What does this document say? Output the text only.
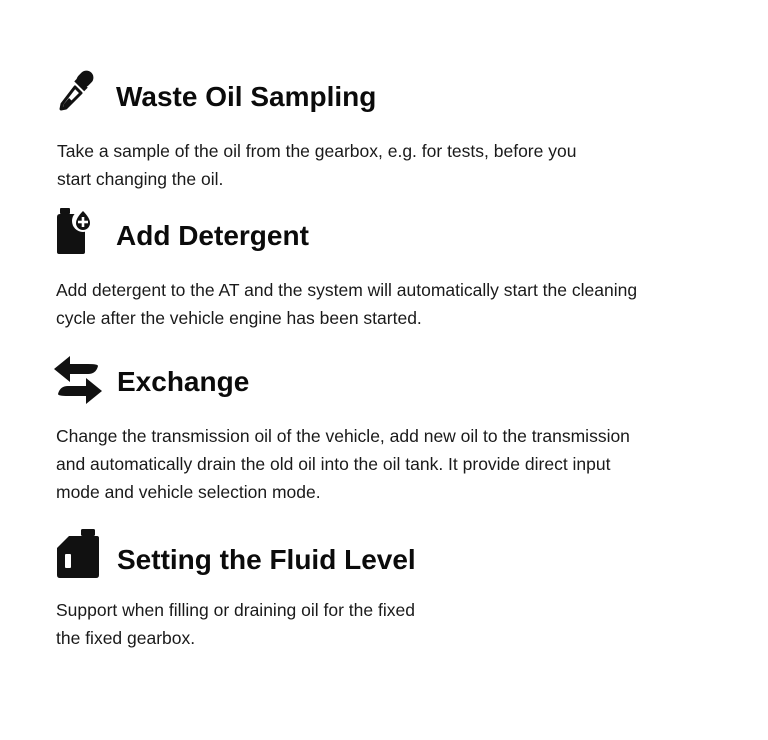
Waste Oil Sampling

Take a sample of the oil from the gearbox, e.g. for tests, before you
start changing the oil.

Add Detergent

Add detergent to the AT and the system will automatically start the cleaning
cycle after the vehicle engine has been started.

Exchange

Change the transmission oil of the vehicle, add new oil to the transmission
and automatically drain the old oil into the oil tank. It provide direct input
mode and vehicle selection mode.

Setting the Fluid Level

Support when filling or draining oil for the fixed
the fixed gearbox.
